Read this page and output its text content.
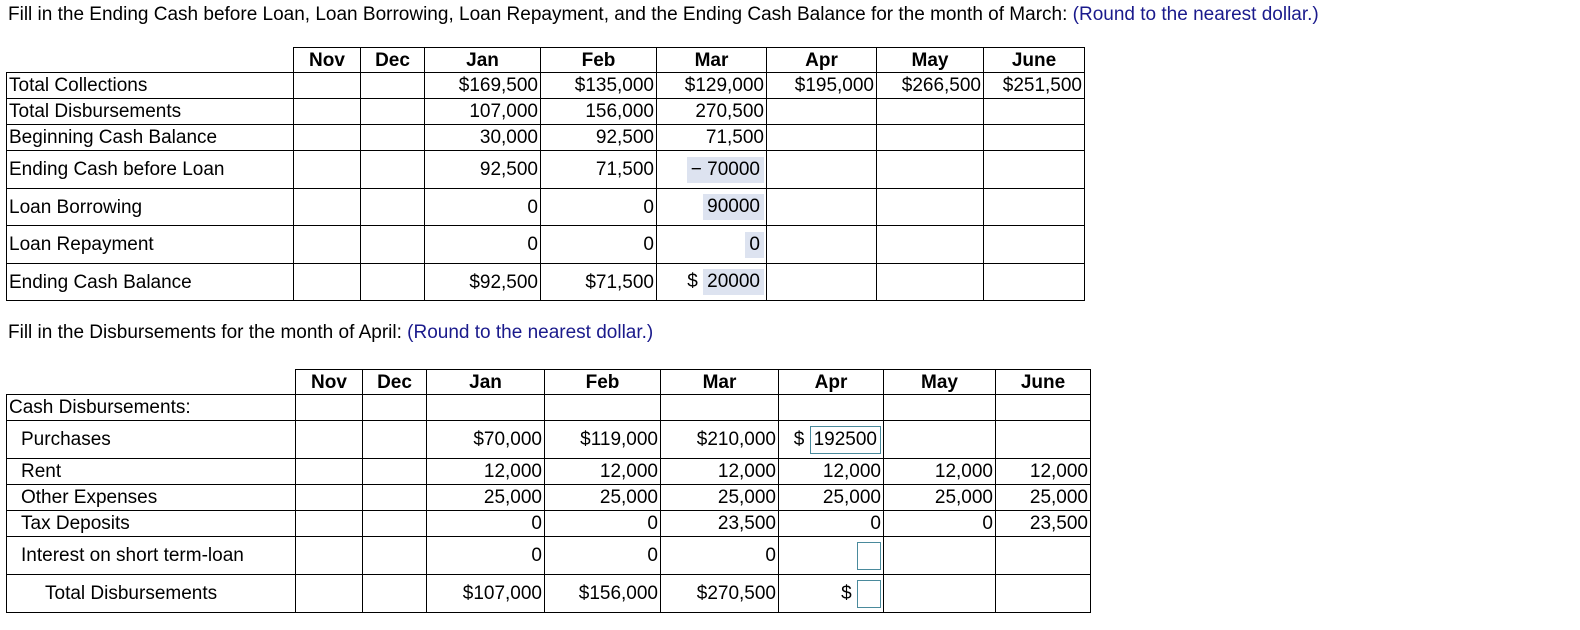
Fill in the Ending Cash before Loan, Loan Borrowing, Loan Repayment, and the Ending Cash Balance for the month of March: (Round to the nearest dollar.)
	Nov	Dec	Jan	Feb	Mar	Apr	May	June
Total Collections			$169,500	$135,000	$129,000	$195,000	$266,500	$251,500
Total Disbursements			107,000	156,000	270,500			
Beginning Cash Balance			30,000	92,500	71,500			
Ending Cash before Loan			92,500	71,500	− 70000			
Loan Borrowing			0	0	90000			
Loan Repayment			0	0	0			
Ending Cash Balance			$92,500	$71,500	$ 20000			
Fill in the Disbursements for the month of April: (Round to the nearest dollar.)
	Nov	Dec	Jan	Feb	Mar	Apr	May	June
Cash Disbursements:								
Purchases			$70,000	$119,000	$210,000	$ 192500		
Rent			12,000	12,000	12,000	12,000	12,000	12,000
Other Expenses			25,000	25,000	25,000	25,000	25,000	25,000
Tax Deposits			0	0	23,500	0	0	23,500
Interest on short term-loan			0	0	0			
Total Disbursements			$107,000	$156,000	$270,500	$		
